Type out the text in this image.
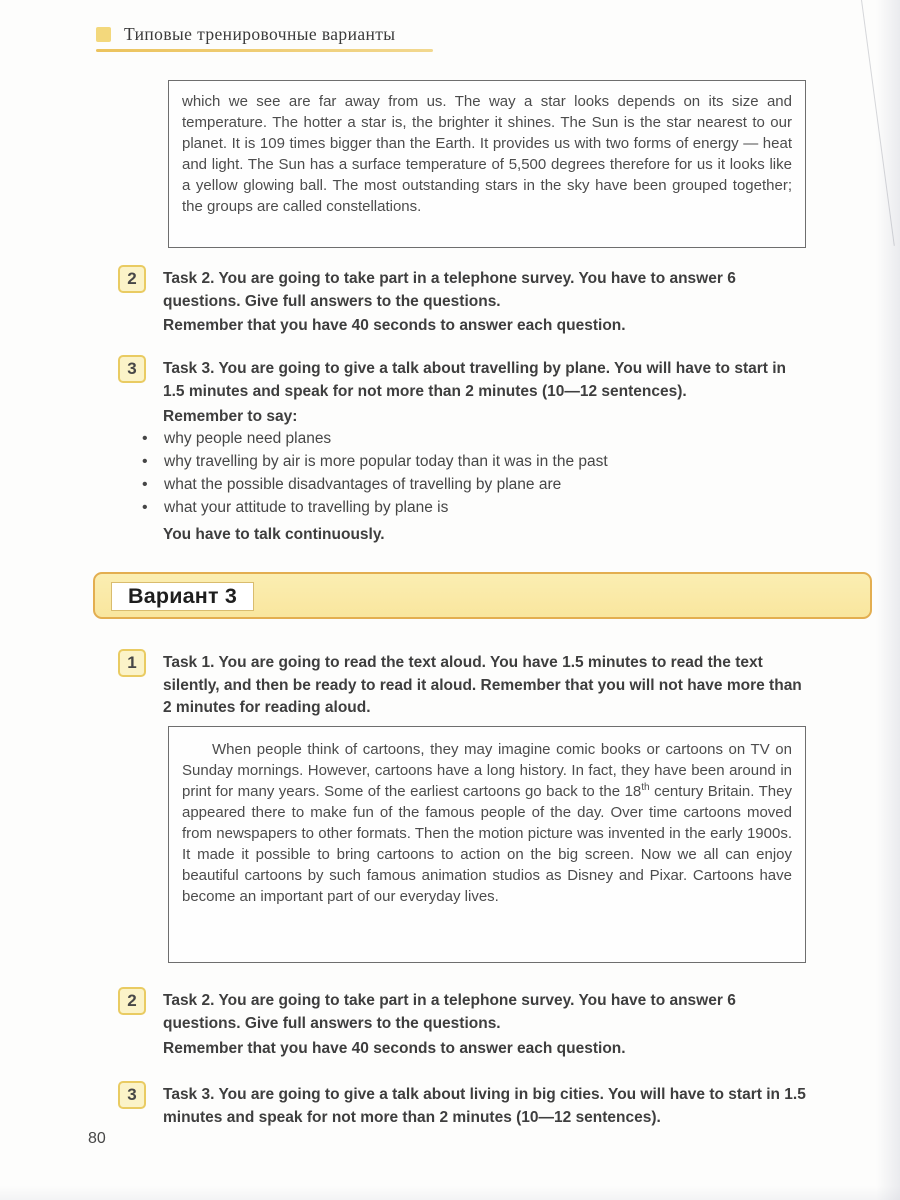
Типовые тренировочные варианты

which we see are far away from us. The way a star looks depends on its size and temperature. The hotter a star is, the brighter it shines. The Sun is the star nearest to our planet. It is 109 times bigger than the Earth. It provides us with two forms of energy — heat and light. The Sun has a surface temperature of 5,500 degrees therefore for us it looks like a yellow glowing ball. The most outstanding stars in the sky have been grouped together; the groups are called constellations.

2	Task 2. You are going to take part in a telephone survey. You have to answer 6 questions. Give full answers to the questions.
Remember that you have 40 seconds to answer each question.
3	Task 3. You are going to give a talk about travelling by plane. You will have to start in 1.5 minutes and speak for not more than 2 minutes (10—12 sentences).
Remember to say:
• why people need planes
• why travelling by air is more popular today than it was in the past
• what the possible disadvantages of travelling by plane are
• what your attitude to travelling by plane is
You have to talk continuously.
Вариант 3
1	Task 1. You are going to read the text aloud. You have 1.5 minutes to read the text silently, and then be ready to read it aloud. Remember that you will not have more than 2 minutes for reading aloud.

When people think of cartoons, they may imagine comic books or cartoons on TV on Sunday mornings. However, cartoons have a long history. In fact, they have been around in print for many years. Some of the earliest cartoons go back to the 18th century Britain. They appeared there to make fun of the famous people of the day. Over time cartoons moved from newspapers to other formats. Then the motion picture was invented in the early 1900s. It made it possible to bring cartoons to action on the big screen. Now we all can enjoy beautiful cartoons by such famous animation studios as Disney and Pixar. Cartoons have become an important part of our everyday lives.

2	Task 2. You are going to take part in a telephone survey. You have to answer 6 questions. Give full answers to the questions.
Remember that you have 40 seconds to answer each question.
3	Task 3. You are going to give a talk about living in big cities. You will have to start in 1.5 minutes and speak for not more than 2 minutes (10—12 sentences).
80
